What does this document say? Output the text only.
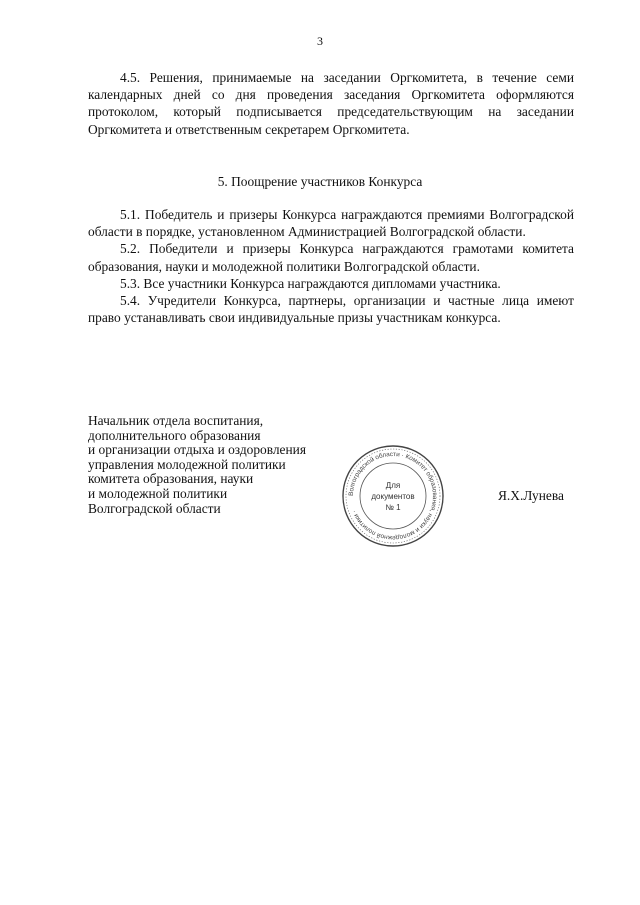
3

4.5. Решения, принимаемые на заседании Оргкомитета, в течение семи календарных дней со дня проведения заседания Оргкомитета оформляются протоколом, который подписывается председательствующим на заседании Оргкомитета и ответственным секретарем Оргкомитета.

5. Поощрение участников Конкурса

5.1. Победитель и призеры Конкурса награждаются премиями Волгоградской области в порядке, установленном Администрацией Волгоградской области.

5.2. Победители и призеры Конкурса награждаются грамотами комитета образования, науки и молодежной политики Волгоградской области.

5.3. Все участники Конкурса награждаются дипломами участника.

5.4. Учредители Конкурса, партнеры, организации и частные лица имеют право устанавливать свои индивидуальные призы участникам конкурса.

Начальник отдела воспитания,
дополнительного образования
и организации отдыха и оздоровления
управления молодежной политики
комитета образования, науки
и молодежной политики
Волгоградской области
Волгоградской области · Комитет образования, науки и молодежной политики ·
Для
документов
№ 1
Я.Х.Лунева
